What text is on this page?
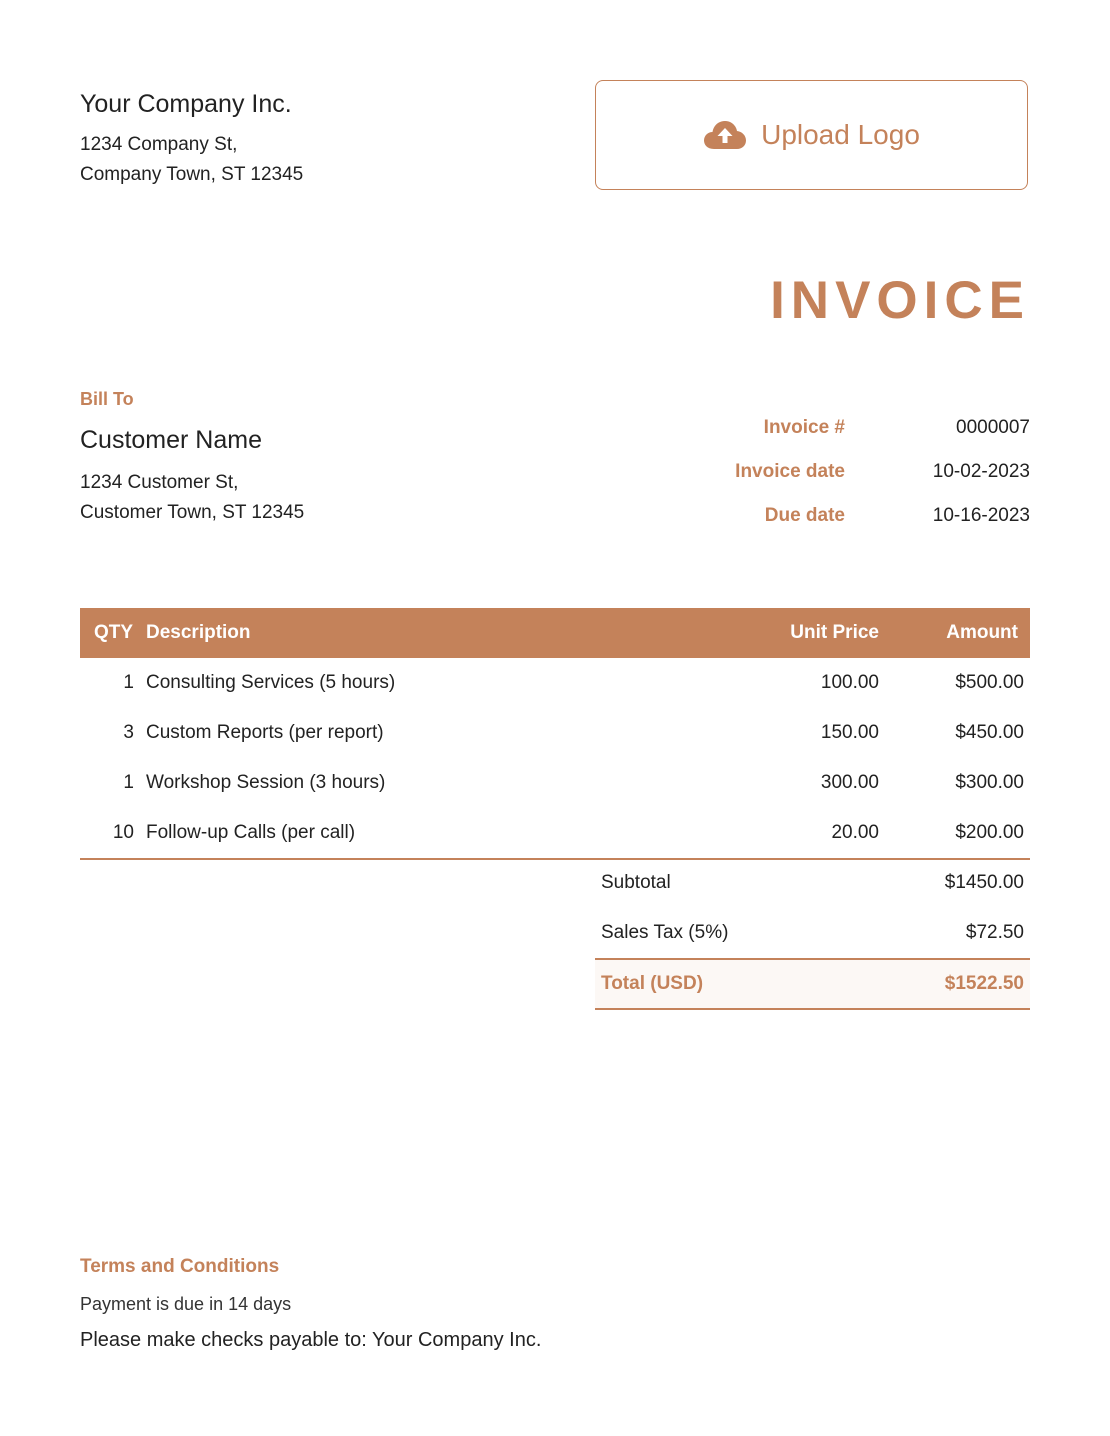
Your Company Inc.
1234 Company St,
Company Town, ST 12345
Upload Logo
INVOICE
Bill To
Customer Name
1234 Customer St,
Customer Town, ST 12345
Invoice #	0000007
Invoice date	10-02-2023
Due date	10-16-2023
QTY Description	Unit Price	Amount
1 Consulting Services (5 hours)	100.00	$500.00
3 Custom Reports (per report)	150.00	$450.00
1 Workshop Session (3 hours)	300.00	$300.00
10 Follow-up Calls (per call)	20.00	$200.00
Subtotal	$1450.00
Sales Tax (5%)	$72.50
Total (USD)	$1522.50
Terms and Conditions
Payment is due in 14 days
Please make checks payable to: Your Company Inc.
